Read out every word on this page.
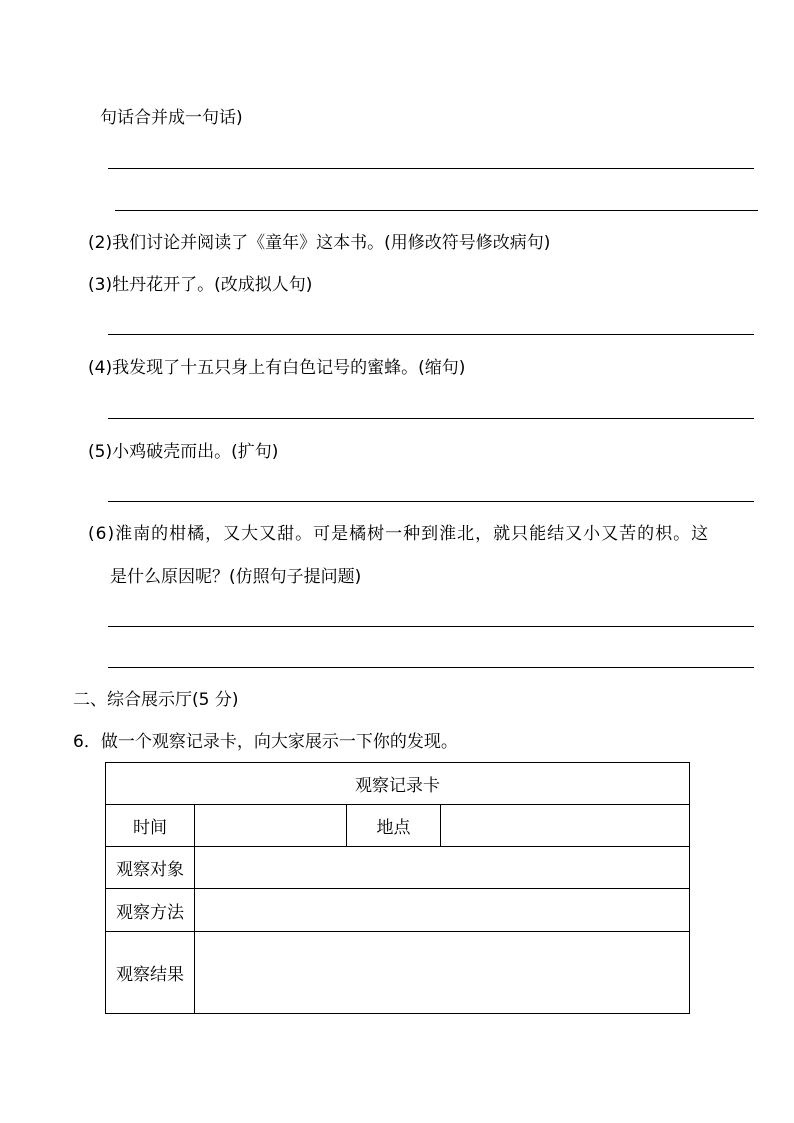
句话合并成一句话)
(2)我们讨论并阅读了《童年》这本书。(用修改符号修改病句)
(3)牡丹花开了。(改成拟人句)
(4)我发现了十五只身上有白色记号的蜜蜂。(缩句)
(5)小鸡破壳而出。(扩句)
(6)淮南的柑橘，又大又甜。可是橘树一种到淮北，就只能结又小又苦的枳。这
是什么原因呢？(仿照句子提问题)
二、综合展示厅(5 分)
6．做一个观察记录卡，向大家展示一下你的发现。
观察记录卡			
时间		地点	
观察对象			
观察方法			
观察结果			
